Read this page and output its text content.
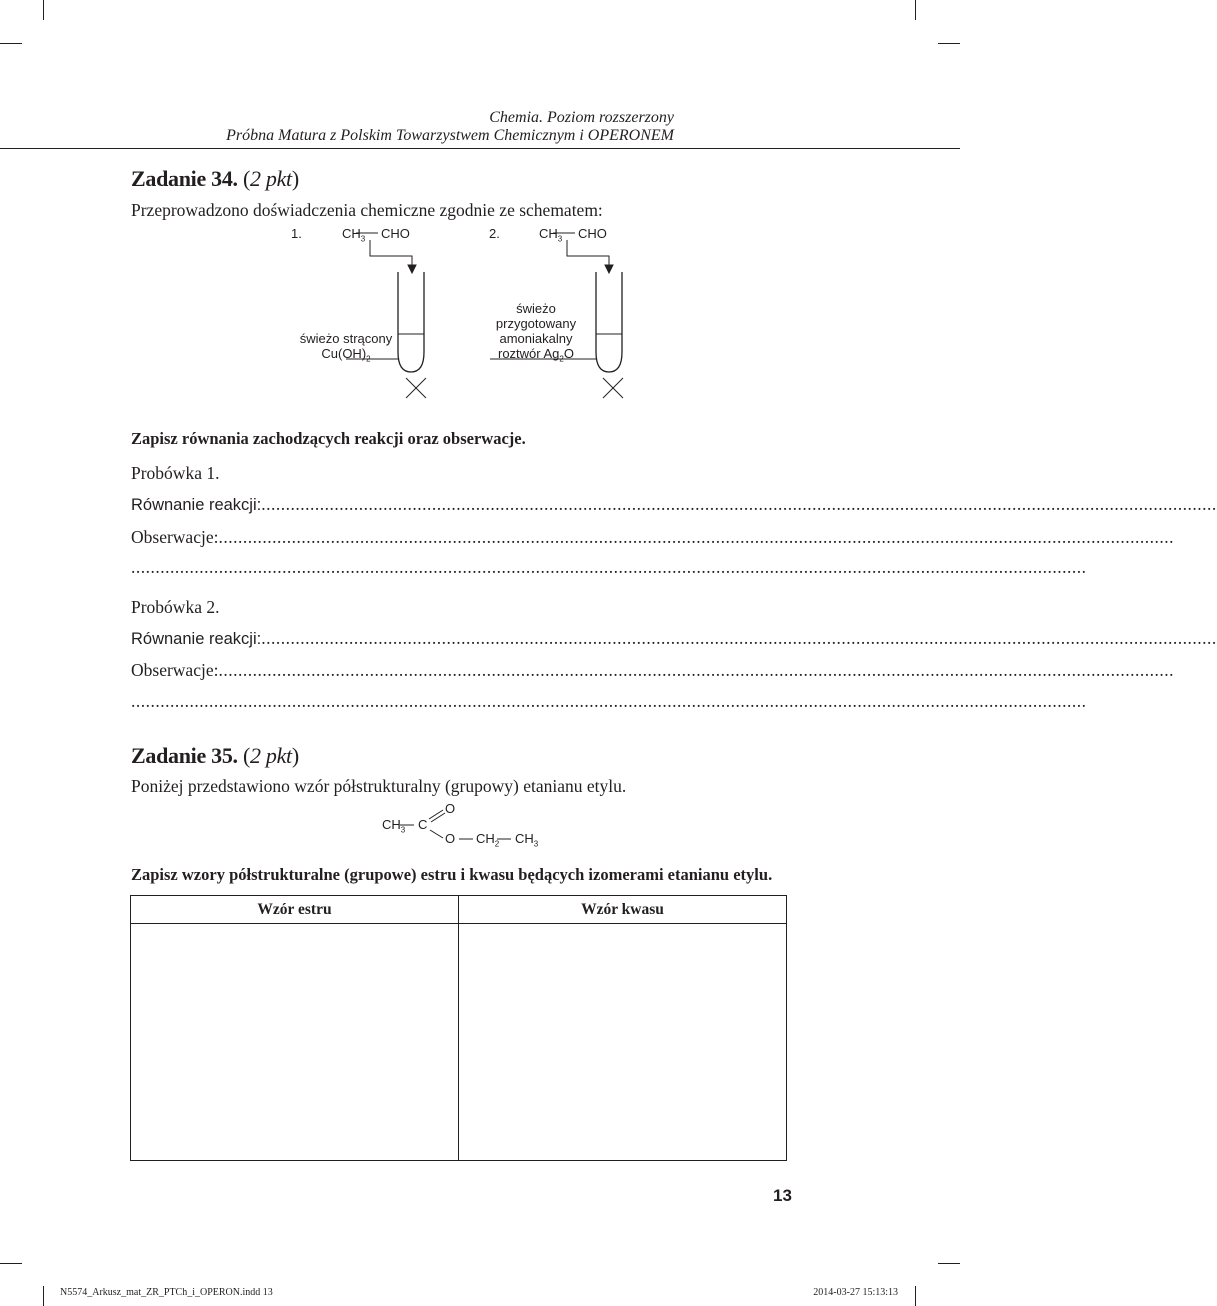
Chemia. Poziom rozszerzony
Próbna Matura z Polskim Towarzystwem Chemicznym i OPERONEM
Zadanie 34. (2 pkt)
Przeprowadzono doświadczenia chemiczne zgodnie ze schematem:
1.	$CH_3$ CHO	2.	$CH_3$ CHO
świeżo strącony
$Cu(OH)_2$
świeżo
przygotowany
amoniakalny
roztwór $Ag_2O$
Zapisz równania zachodzących reakcji oraz obserwacje.
Probówka 1.
Równanie reakcji: ....................................................................................................................................................................................................
Obserwacje: ....................................................................................................................................................................................................
....................................................................................................................................................................................................
Probówka 2.
Równanie reakcji: ....................................................................................................................................................................................................
Obserwacje: ....................................................................................................................................................................................................
....................................................................................................................................................................................................
Zadanie 35. (2 pkt)
Poniżej przedstawiono wzór półstrukturalny (grupowy) etanianu etylu.
$CH_3$ C
O
O $CH_2$ $CH_3$
Zapisz wzory półstrukturalne (grupowe) estru i kwasu będących izomerami etanianu etylu.
Wzór estru	Wzór kwasu

13
N5574_Arkusz_mat_ZR_PTCh_i_OPERON.indd 13	2014-03-27 15:13:13
